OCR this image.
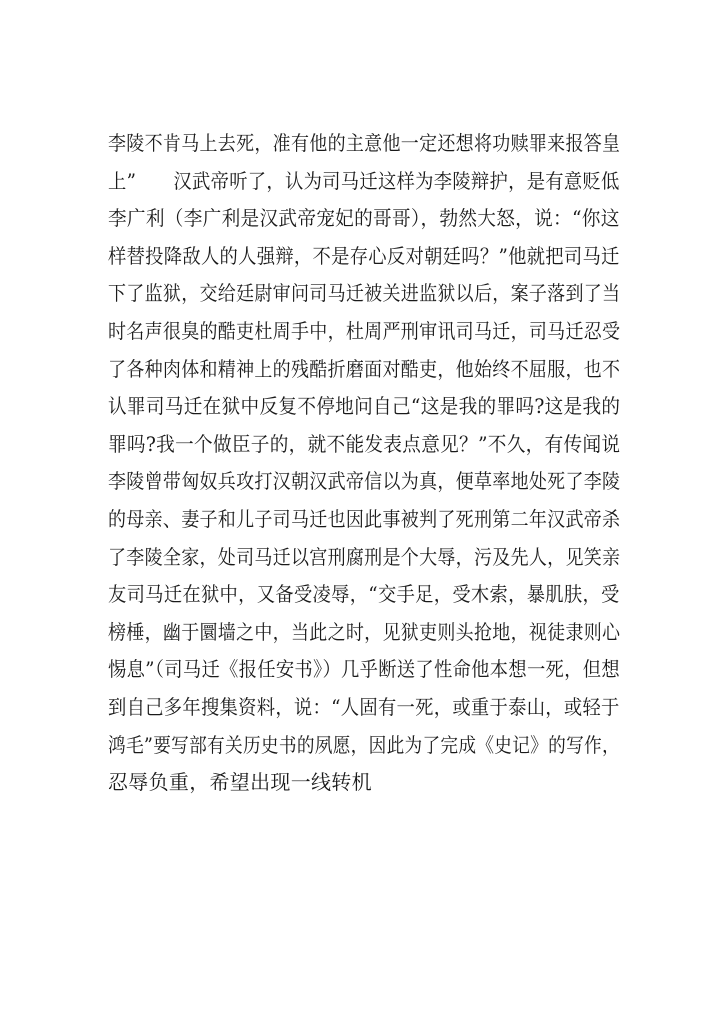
李陵不肯马上去死，准有他的主意他一定还想将功赎罪来报答皇
上”　　汉武帝听了，认为司马迁这样为李陵辩护，是有意贬低
李广利（李广利是汉武帝宠妃的哥哥），勃然大怒，说：“你这
样替投降敌人的人强辩，不是存心反对朝廷吗？”他就把司马迁
下了监狱，交给廷尉审问司马迁被关进监狱以后，案子落到了当
时名声很臭的酷吏杜周手中，杜周严刑审讯司马迁，司马迁忍受
了各种肉体和精神上的残酷折磨面对酷吏，他始终不屈服，也不
认罪司马迁在狱中反复不停地问自己“这是我的罪吗?这是我的
罪吗?我一个做臣子的，就不能发表点意见？”不久，有传闻说
李陵曾带匈奴兵攻打汉朝汉武帝信以为真，便草率地处死了李陵
的母亲、妻子和儿子司马迁也因此事被判了死刑第二年汉武帝杀
了李陵全家，处司马迁以宫刑腐刑是个大辱，污及先人，见笑亲
友司马迁在狱中，又备受凌辱，“交手足，受木索，暴肌肤，受
榜棰，幽于圜墙之中，当此之时，见狱吏则头抢地，视徒隶则心
惕息”（司马迁《报任安书》）几乎断送了性命他本想一死，但想
到自己多年搜集资料，说：“人固有一死，或重于泰山，或轻于
鸿毛”要写部有关历史书的夙愿，因此为了完成《史记》的写作，
忍辱负重，希望出现一线转机
